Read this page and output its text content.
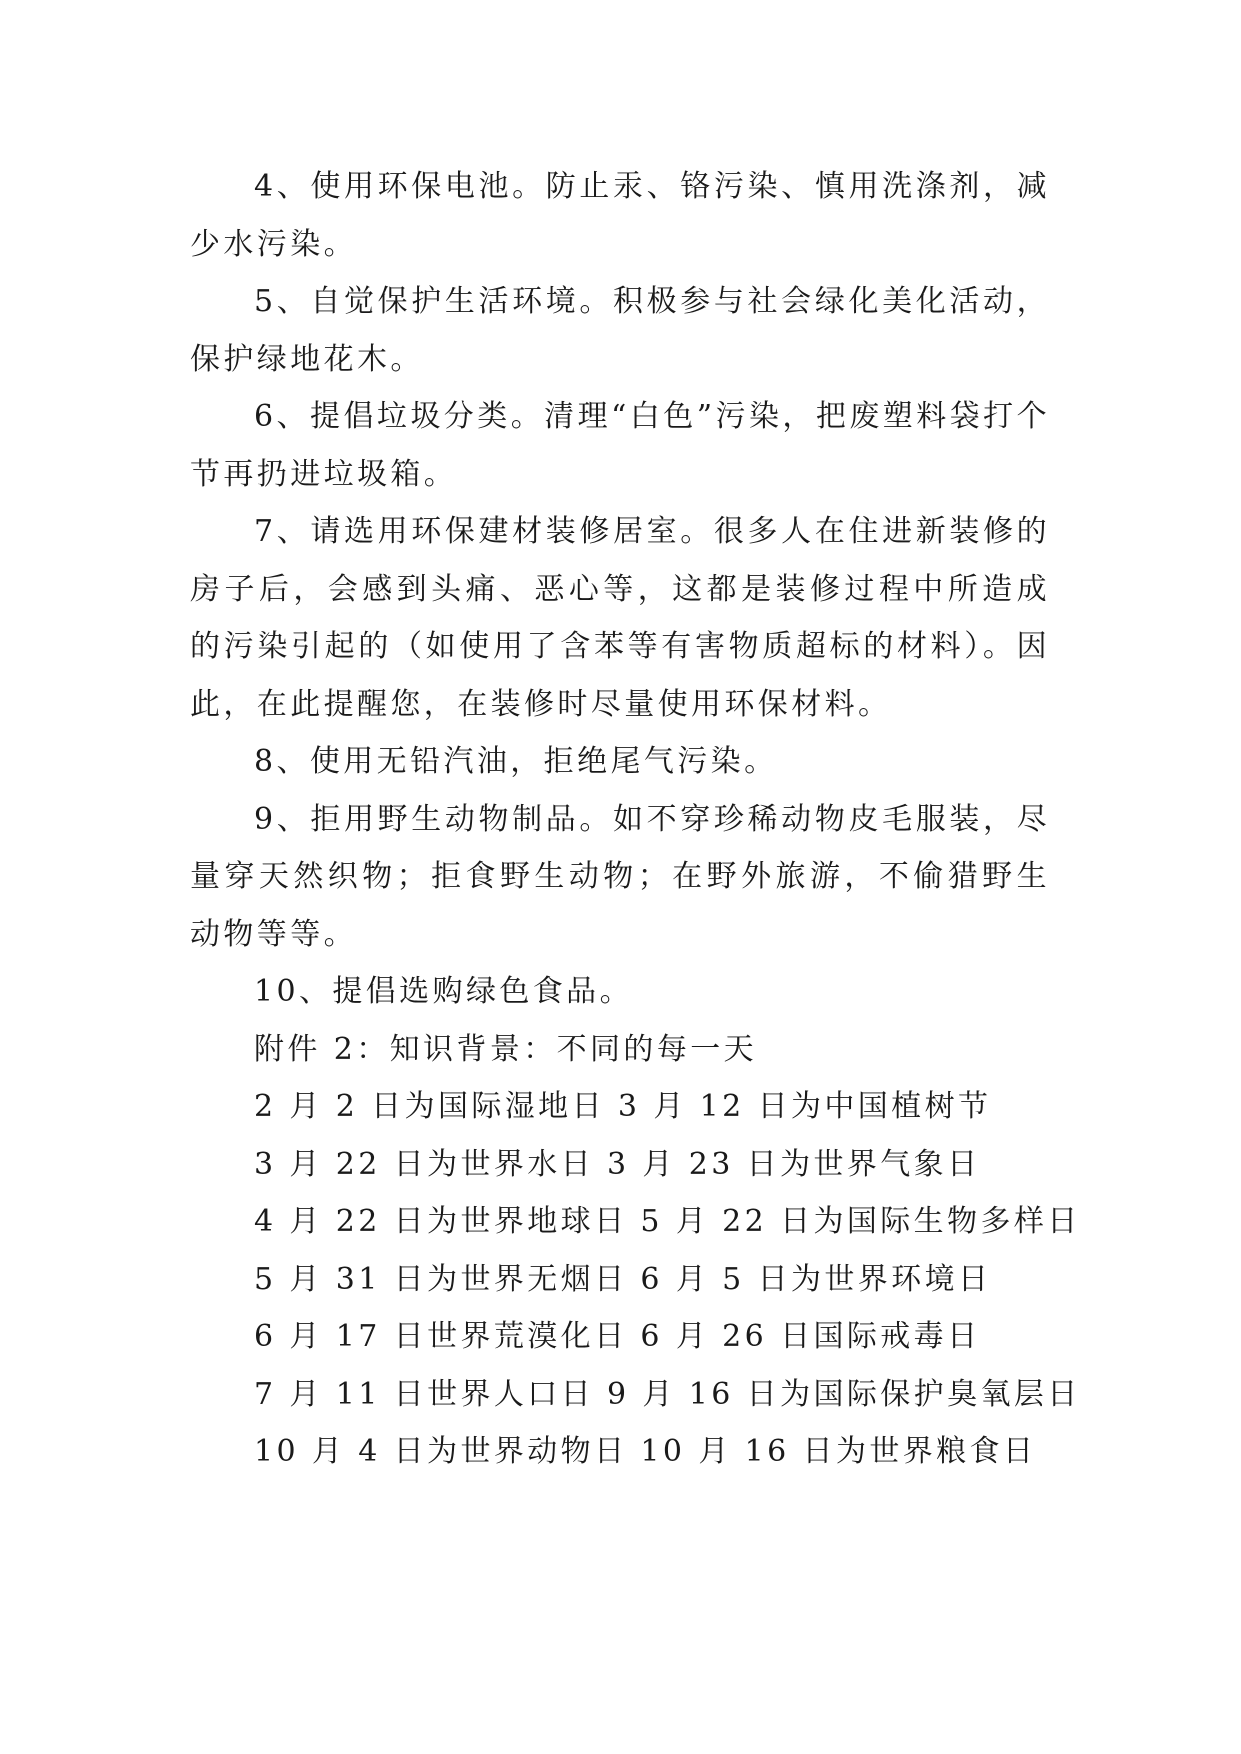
4、使用环保电池。防止汞、铬污染、慎用洗涤剂，减少水污染。

5、自觉保护生活环境。积极参与社会绿化美化活动，保护绿地花木。

6、提倡垃圾分类。清理“白色”污染，把废塑料袋打个节再扔进垃圾箱。

7、请选用环保建材装修居室。很多人在住进新装修的房子后，会感到头痛、恶心等，这都是装修过程中所造成的污染引起的（如使用了含苯等有害物质超标的材料）。因此，在此提醒您，在装修时尽量使用环保材料。

8、使用无铅汽油，拒绝尾气污染。

9、拒用野生动物制品。如不穿珍稀动物皮毛服装，尽量穿天然织物；拒食野生动物；在野外旅游，不偷猎野生动物等等。

10、提倡选购绿色食品。

附件 2：知识背景：不同的每一天

2 月 2 日为国际湿地日 3 月 12 日为中国植树节

3 月 22 日为世界水日 3 月 23 日为世界气象日

4 月 22 日为世界地球日 5 月 22 日为国际生物多样日

5 月 31 日为世界无烟日 6 月 5 日为世界环境日

6 月 17 日世界荒漠化日 6 月 26 日国际戒毒日

7 月 11 日世界人口日 9 月 16 日为国际保护臭氧层日

10 月 4 日为世界动物日 10 月 16 日为世界粮食日
